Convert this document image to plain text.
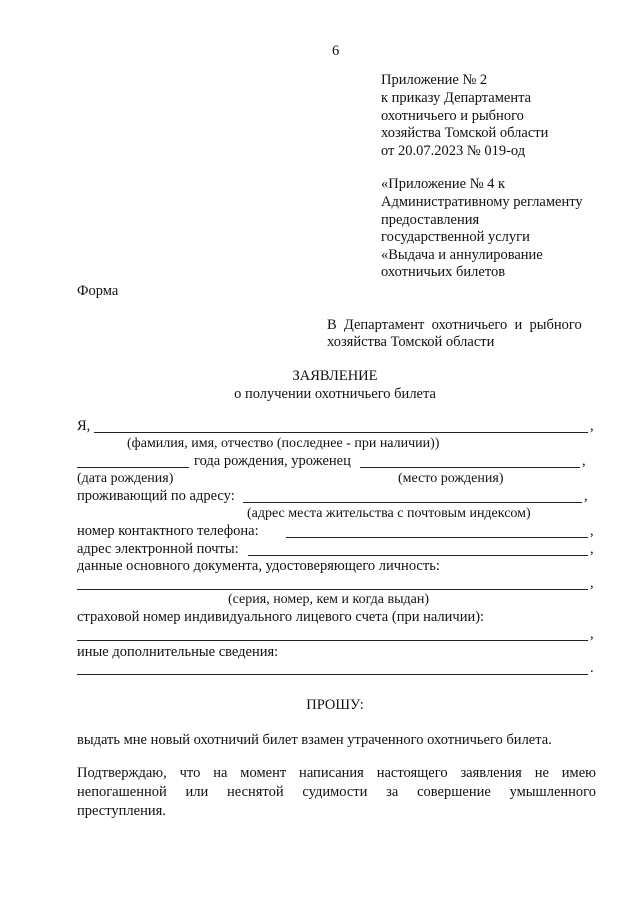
6
Приложение № 2
к приказу Департамента
охотничьего и рыбного
хозяйства Томской области
от 20.07.2023 № 019-од
«Приложение № 4 к
Административному регламенту
предоставления
государственной услуги
«Выдача и аннулирование
охотничьих билетов
Форма
В  Департамент  охотничьего  и  рыбного
хозяйства Томской области
ЗАЯВЛЕНИЕ
о получении охотничьего билета
Я,	,
(фамилия, имя, отчество (последнее - при наличии))
года рождения, уроженец	,
(дата рождения)	(место рождения)
проживающий по адресу:	,
(адрес места жительства с почтовым индексом)
номер контактного телефона:	,
адрес электронной почты:	,
данные основного документа, удостоверяющего личность:
,
(серия, номер, кем и когда выдан)
страховой номер индивидуального лицевого счета (при наличии):
,
иные дополнительные сведения:
.
ПРОШУ:
выдать мне новый охотничий билет взамен утраченного охотничьего билета.
Подтверждаю, что на момент написания настоящего заявления не имею непогашенной или неснятой судимости за совершение умышленного преступления.
